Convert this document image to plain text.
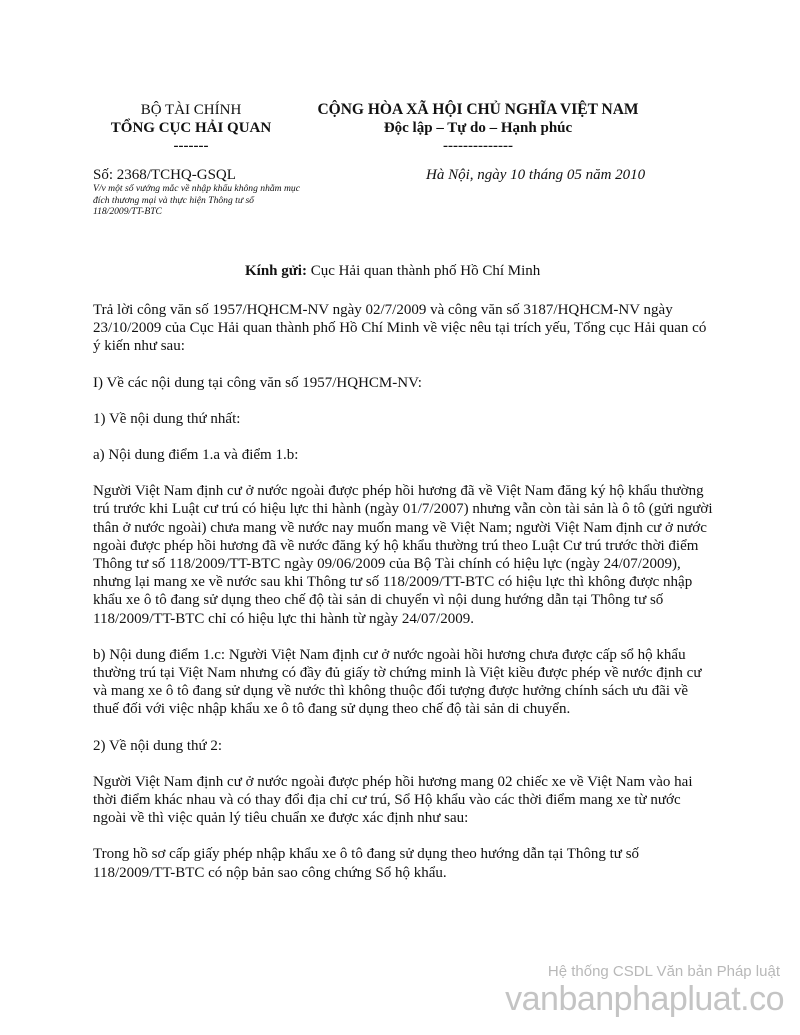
BỘ TÀI CHÍNH
TỔNG CỤC HẢI QUAN
-------
CỘNG HÒA XÃ HỘI CHỦ NGHĨA VIỆT NAM
Độc lập – Tự do – Hạnh phúc
--------------
Số: 2368/TCHQ-GSQL
V/v một số vướng mắc về nhập khẩu không nhằm mục đích thương mại và thực hiện Thông tư số 118/2009/TT-BTC
Hà Nội, ngày 10 tháng 05 năm 2010
Kính gửi: Cục Hải quan thành phố Hồ Chí Minh

Trả lời công văn số 1957/HQHCM-NV ngày 02/7/2009 và công văn số 3187/HQHCM-NV ngày 23/10/2009 của Cục Hải quan thành phố Hồ Chí Minh về việc nêu tại trích yếu, Tổng cục Hải quan có ý kiến như sau:

I) Về các nội dung tại công văn số 1957/HQHCM-NV:

1) Về nội dung thứ nhất:

a) Nội dung điểm 1.a và điểm 1.b:

Người Việt Nam định cư ở nước ngoài được phép hồi hương đã về Việt Nam đăng ký hộ khẩu thường trú trước khi Luật cư trú có hiệu lực thi hành (ngày 01/7/2007) nhưng vẫn còn tài sản là ô tô (gửi người thân ở nước ngoài) chưa mang về nước nay muốn mang về Việt Nam; người Việt Nam định cư ở nước ngoài được phép hồi hương đã về nước đăng ký hộ khẩu thường trú theo Luật Cư trú trước thời điểm Thông tư số 118/2009/TT-BTC ngày 09/06/2009 của Bộ Tài chính có hiệu lực (ngày 24/07/2009), nhưng lại mang xe về nước sau khi Thông tư số 118/2009/TT-BTC có hiệu lực thì không được nhập khẩu xe ô tô đang sử dụng theo chế độ tài sản di chuyển vì nội dung hướng dẫn tại Thông tư số 118/2009/TT-BTC chỉ có hiệu lực thi hành từ ngày 24/07/2009.

b) Nội dung điểm 1.c: Người Việt Nam định cư ở nước ngoài hồi hương chưa được cấp sổ hộ khẩu thường trú tại Việt Nam nhưng có đầy đủ giấy tờ chứng minh là Việt kiều được phép về nước định cư và mang xe ô tô đang sử dụng về nước thì không thuộc đối tượng được hưởng chính sách ưu đãi về thuế đối với việc nhập khẩu xe ô tô đang sử dụng theo chế độ tài sản di chuyển.

2) Về nội dung thứ 2:

Người Việt Nam định cư ở nước ngoài được phép hồi hương mang 02 chiếc xe về Việt Nam vào hai thời điểm khác nhau và có thay đổi địa chỉ cư trú, Sổ Hộ khẩu vào các thời điểm mang xe từ nước ngoài về thì việc quản lý tiêu chuẩn xe được xác định như sau:

Trong hồ sơ cấp giấy phép nhập khẩu xe ô tô đang sử dụng theo hướng dẫn tại Thông tư số 118/2009/TT-BTC có nộp bản sao công chứng Sổ hộ khẩu.

Hệ thống CSDL Văn bản Pháp luật
vanbanphapluat.co
